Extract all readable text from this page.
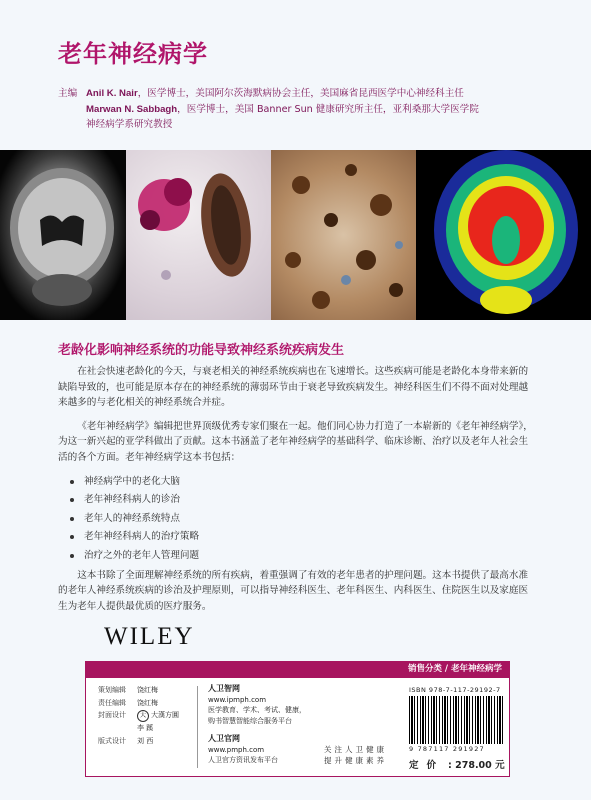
老年神经病学
主编 Anil K. Nair，医学博士，美国阿尔茨海默病协会主任，美国麻省昆西医学中心神经科主任
Marwan N. Sabbagh，医学博士，美国 Banner Sun 健康研究所主任，亚利桑那大学医学院
神经病学系研究教授
老龄化影响神经系统的功能导致神经系统疾病发生

在社会快速老龄化的今天，与衰老相关的神经系统疾病也在飞速增长。这些疾病可能是老龄化本身带来新的缺陷导致的，也可能是原本存在的神经系统的薄弱环节由于衰老导致疾病发生。神经科医生们不得不面对处理越来越多的与老化相关的神经系统合并症。

《老年神经病学》编辑把世界顶级优秀专家们聚在一起。他们同心协力打造了一本崭新的《老年神经病学》，为这一新兴起的亚学科做出了贡献。这本书涵盖了老年神经病学的基础科学、临床诊断、治疗以及老年人社会生活的各个方面。老年神经病学这本书包括：

神经病学中的老化大脑
老年神经科病人的诊治
老年人的神经系统特点
老年神经科病人的治疗策略
治疗之外的老年人管理问题

这本书除了全面理解神经系统的所有疾病，着重强调了有效的老年患者的护理问题。这本书提供了最高水准的老年人神经系统疾病的诊治及护理原则，可以指导神经科医生、老年科医生、内科医生、住院医生以及家庭医生为老年人提供最优质的医疗服务。

WILEY
销售分类 / 老年神经病学
策划编辑	饶红梅
责任编辑	饶红梅
封面设计	大 大漢方圓
李 蹊
版式设计	刘 西
人卫智网
www.ipmph.com
医学教育、学术、考试、健康，
购书智慧智能综合服务平台
人卫官网
www.pmph.com
人卫官方资讯发布平台
关注人卫健康
提升健康素养
ISBN 978-7-117-29192-7
9 787117 291927
定价 : 278.00 元
